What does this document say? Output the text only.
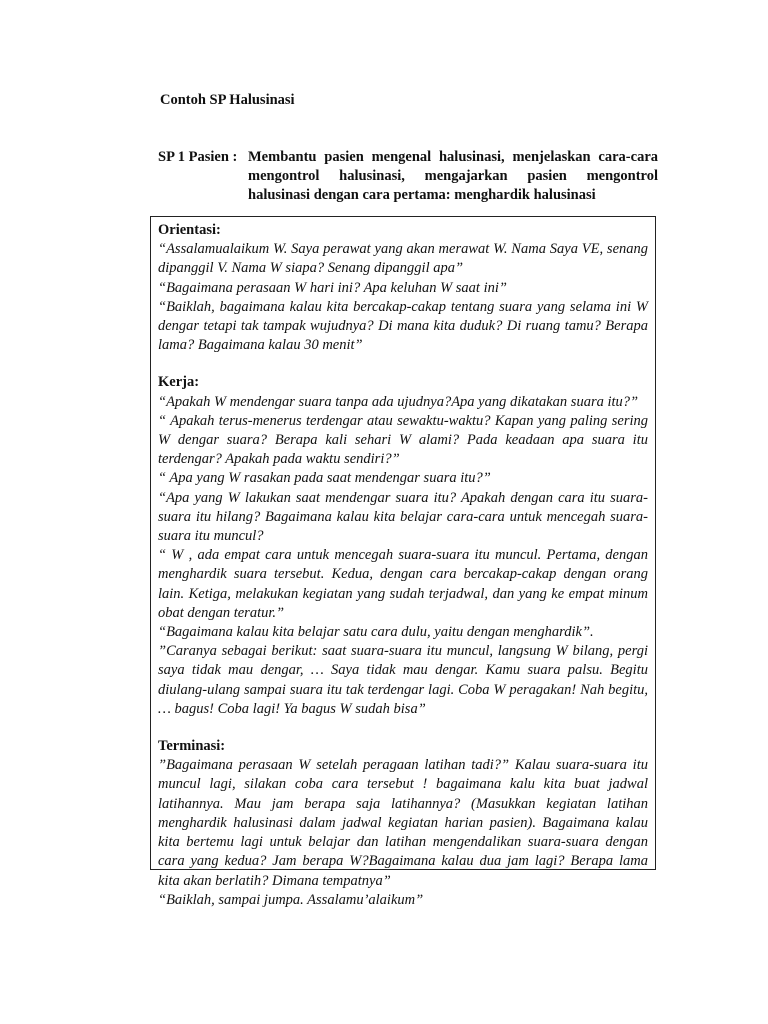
Contoh SP Halusinasi
SP 1 Pasien : Membantu pasien mengenal halusinasi, menjelaskan cara-cara mengontrol halusinasi, mengajarkan pasien mengontrol halusinasi dengan cara pertama: menghardik halusinasi
Orientasi:
“Assalamualaikum W. Saya perawat yang akan merawat W. Nama Saya VE, senang dipanggil V. Nama W siapa? Senang dipanggil apa”
“Bagaimana perasaan W hari ini? Apa keluhan W saat ini”
“Baiklah, bagaimana kalau kita bercakap-cakap tentang suara yang selama ini W dengar tetapi tak tampak wujudnya? Di mana kita duduk? Di ruang tamu? Berapa lama? Bagaimana kalau 30 menit”
Kerja:
“Apakah W mendengar suara tanpa ada ujudnya?Apa yang dikatakan suara itu?”
“ Apakah terus-menerus terdengar atau sewaktu-waktu? Kapan yang paling sering W dengar suara? Berapa kali sehari W alami? Pada keadaan apa suara itu terdengar? Apakah pada waktu sendiri?”
“ Apa yang W rasakan pada saat mendengar suara itu?”
“Apa yang W lakukan saat mendengar suara itu? Apakah dengan cara itu suara-suara itu hilang? Bagaimana kalau kita belajar cara-cara untuk mencegah suara-suara itu muncul?
“ W , ada empat cara untuk mencegah suara-suara itu muncul. Pertama, dengan menghardik suara tersebut. Kedua, dengan cara bercakap-cakap dengan orang lain. Ketiga, melakukan kegiatan yang sudah terjadwal, dan yang ke empat minum obat dengan teratur.”
“Bagaimana kalau kita belajar satu cara dulu, yaitu dengan menghardik”.
”Caranya sebagai berikut: saat suara-suara itu muncul, langsung W bilang, pergi saya tidak mau dengar, … Saya tidak mau dengar. Kamu suara palsu. Begitu diulang-ulang sampai suara itu tak terdengar lagi. Coba W peragakan! Nah begitu, … bagus! Coba lagi! Ya bagus W sudah bisa”
Terminasi:
”Bagaimana perasaan W setelah peragaan latihan tadi?” Kalau suara-suara itu muncul lagi, silakan coba cara tersebut ! bagaimana kalu kita buat jadwal latihannya. Mau jam berapa saja latihannya? (Masukkan kegiatan latihan menghardik halusinasi dalam jadwal kegiatan harian pasien). Bagaimana kalau kita bertemu lagi untuk belajar dan latihan mengendalikan suara-suara dengan cara yang kedua? Jam berapa W?Bagaimana kalau dua jam lagi? Berapa lama kita akan berlatih? Dimana tempatnya”
“Baiklah, sampai jumpa. Assalamu’alaikum”
